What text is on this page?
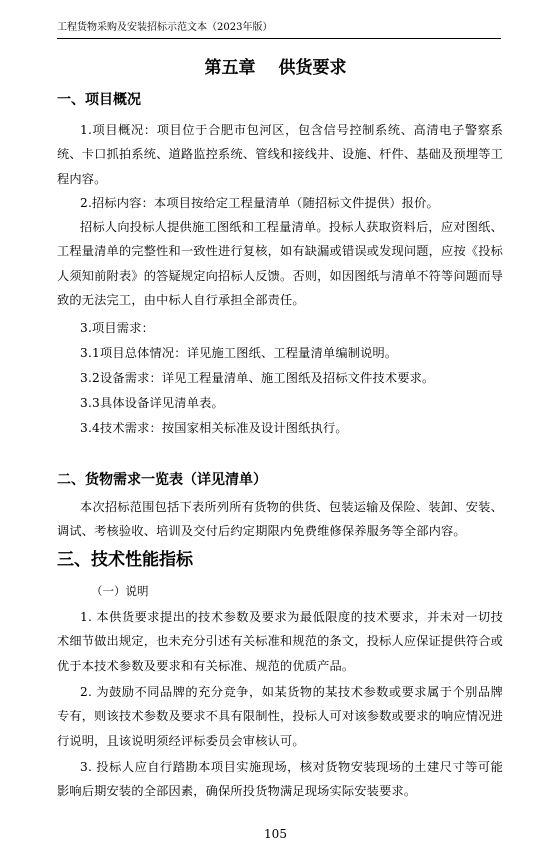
工程货物采购及安装招标示范文本（2023年版）
第五章　 供货要求
一、项目概况
1.项目概况：项目位于合肥市包河区，包含信号控制系统、高清电子警察系统、卡口抓拍系统、道路监控系统、管线和接线井、设施、杆件、基础及预埋等工程内容。
2.招标内容：本项目按给定工程量清单（随招标文件提供）报价。
招标人向投标人提供施工图纸和工程量清单。投标人获取资料后，应对图纸、工程量清单的完整性和一致性进行复核，如有缺漏或错误或发现问题，应按《投标人须知前附表》的答疑规定向招标人反馈。否则，如因图纸与清单不符等问题而导致的无法完工，由中标人自行承担全部责任。
3.项目需求：
3.1项目总体情况：详见施工图纸、工程量清单编制说明。
3.2设备需求：详见工程量清单、施工图纸及招标文件技术要求。
3.3具体设备详见清单表。
3.4技术需求：按国家相关标准及设计图纸执行。
二、货物需求一览表（详见清单）
本次招标范围包括下表所列所有货物的供货、包装运输及保险、装卸、安装、调试、考核验收、培训及交付后约定期限内免费维修保养服务等全部内容。
三、技术性能指标
（一）说明
1. 本供货要求提出的技术参数及要求为最低限度的技术要求，并未对一切技术细节做出规定，也未充分引述有关标准和规范的条文，投标人应保证提供符合或优于本技术参数及要求和有关标准、规范的优质产品。
2. 为鼓励不同品牌的充分竞争，如某货物的某技术参数或要求属于个别品牌专有，则该技术参数及要求不具有限制性，投标人可对该参数或要求的响应情况进行说明，且该说明须经评标委员会审核认可。
3. 投标人应自行踏勘本项目实施现场，核对货物安装现场的土建尺寸等可能影响后期安装的全部因素，确保所投货物满足现场实际安装要求。
105
